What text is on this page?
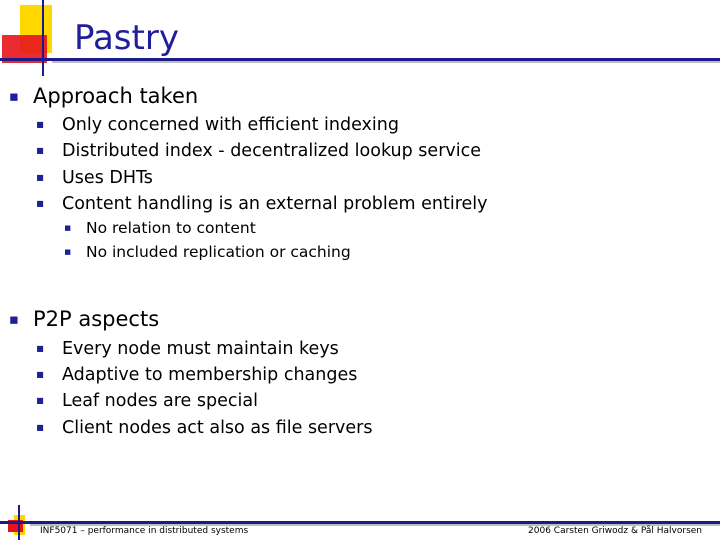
Pastry
▪ Approach taken
▪ Only concerned with efficient indexing
▪ Distributed index - decentralized lookup service
▪ Uses DHTs
▪ Content handling is an external problem entirely
▪ No relation to content
▪ No included replication or caching
▪ P2P aspects
▪ Every node must maintain keys
▪ Adaptive to membership changes
▪ Leaf nodes are special
▪ Client nodes act also as file servers
INF5071 – performance in distributed systems	2006 Carsten Griwodz & Pål Halvorsen
